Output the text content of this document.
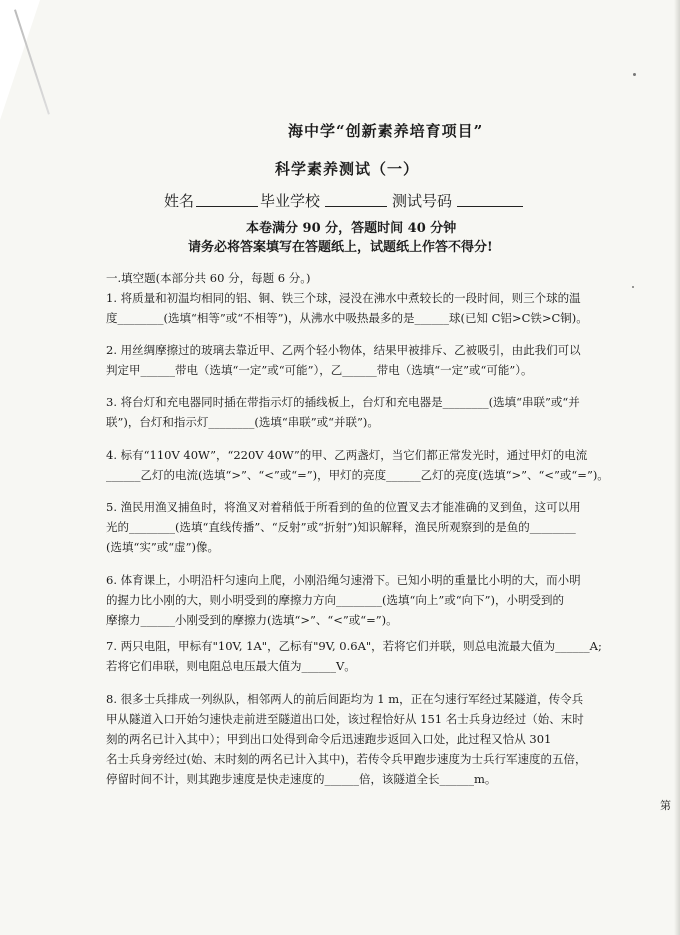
海中学“创新素养培育项目”
科学素养测试（一）
姓名	毕业学校	测试号码
本卷满分 90 分，答题时间 40 分钟
请务必将答案填写在答题纸上，试题纸上作答不得分!
一.填空题(本部分共 60 分，每题 6 分。)
1. 将质量和初温均相同的铝、铜、铁三个球，浸没在沸水中煮较长的一段时间，则三个球的温
度________(选填“相等”或“不相等”)，从沸水中吸热最多的是______球(已知 C铝>C铁>C铜)。
2. 用丝绸摩擦过的玻璃去靠近甲、乙两个轻小物体，结果甲被排斥、乙被吸引，由此我们可以
判定甲______带电（选填“一定”或“可能”），乙______带电（选填“一定”或“可能”）。
3. 将台灯和充电器同时插在带指示灯的插线板上，台灯和充电器是________(选填“串联”或“并
联”)，台灯和指示灯________(选填“串联”或“并联”)。
4. 标有“110V 40W”，“220V 40W”的甲、乙两盏灯，当它们都正常发光时，通过甲灯的电流
______乙灯的电流(选填“>”、“<”或“=”)，甲灯的亮度______乙灯的亮度(选填“>”、“<”或“=”)。
5. 渔民用渔叉捕鱼时，将渔叉对着稍低于所看到的鱼的位置叉去才能准确的叉到鱼，这可以用
光的________(选填“直线传播”、“反射”或“折射”)知识解释，渔民所观察到的是鱼的________
(选填“实”或“虚”)像。
6. 体育课上，小明沿杆匀速向上爬，小刚沿绳匀速滑下。已知小明的重量比小明的大，而小明
的握力比小刚的大，则小明受到的摩擦力方向________(选填“向上”或“向下”)，小明受到的
摩擦力______小刚受到的摩擦力(选填“>”、“<”或“=”)。
7. 两只电阻，甲标有"10V, 1A"，乙标有"9V, 0.6A"，若将它们并联，则总电流最大值为______A;
若将它们串联，则电阻总电压最大值为______V。
8. 很多士兵排成一列纵队，相邻两人的前后间距均为 1 m，正在匀速行军经过某隧道，传令兵
甲从隧道入口开始匀速快走前进至隧道出口处，该过程恰好从 151 名士兵身边经过（始、末时
刻的两名已计入其中）；甲到出口处得到命令后迅速跑步返回入口处，此过程又恰从 301
名士兵身旁经过(始、末时刻的两名已计入其中)，若传令兵甲跑步速度为士兵行军速度的五倍，
停留时间不计，则其跑步速度是快走速度的______倍，该隧道全长______m。
第
